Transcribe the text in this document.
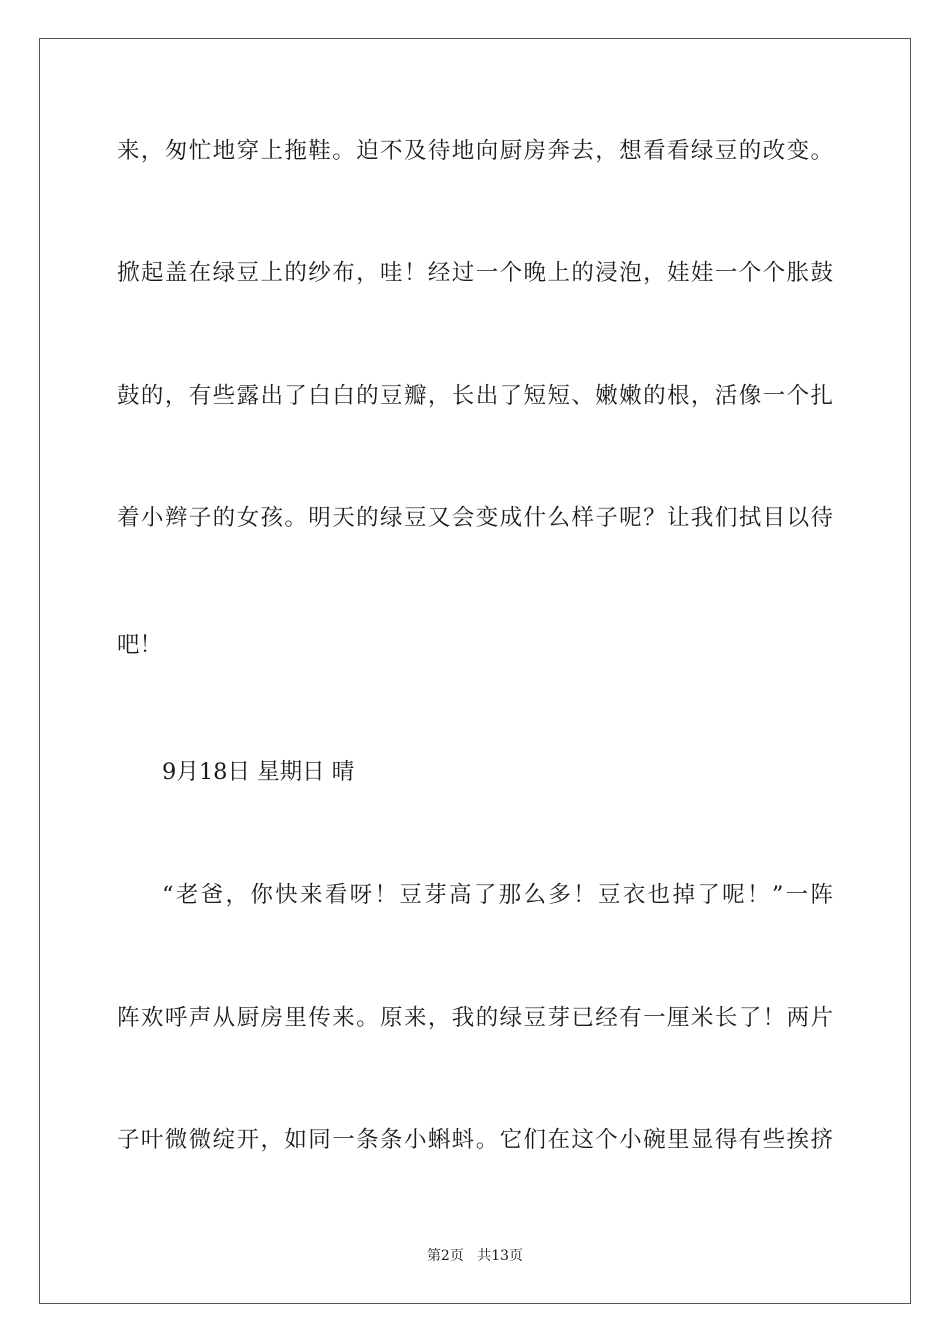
来，匆忙地穿上拖鞋。迫不及待地向厨房奔去，想看看绿豆的改变。
掀起盖在绿豆上的纱布，哇！经过一个晚上的浸泡，娃娃一个个胀鼓
鼓的，有些露出了白白的豆瓣，长出了短短、嫩嫩的根，活像一个扎
着小辫子的女孩。明天的绿豆又会变成什么样子呢？让我们拭目以待
吧！
9月18日 星期日 晴
“老爸，你快来看呀！豆芽高了那么多！豆衣也掉了呢！”一阵
阵欢呼声从厨房里传来。原来，我的绿豆芽已经有一厘米长了！两片
子叶微微绽开，如同一条条小蝌蚪。它们在这个小碗里显得有些挨挤
第2页 共13页
